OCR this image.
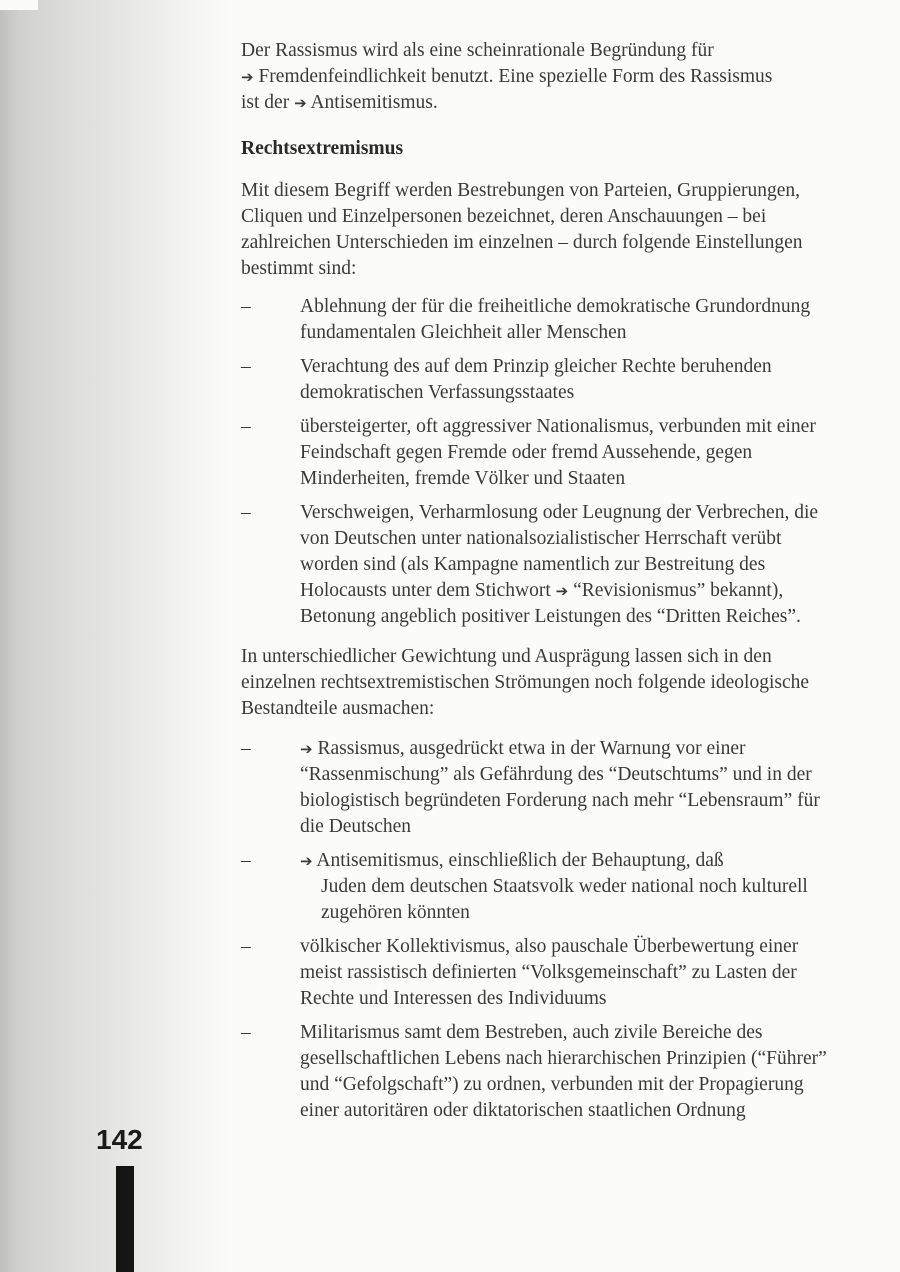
142

Der Rassismus wird als eine scheinrationale Begründung für
➔ Fremdenfeindlichkeit benutzt. Eine spezielle Form des Rassismus
ist der ➔ Antisemitismus.

Rechtsextremismus

Mit diesem Begriff werden Bestrebungen von Parteien, Gruppierungen, Cliquen und Einzelpersonen bezeichnet, deren Anschauungen – bei zahlreichen Unterschieden im einzelnen – durch folgende Einstellungen bestimmt sind:

–	Ablehnung der für die freiheitliche demokratische Grundordnung fundamentalen Gleichheit aller Menschen
–	Verachtung des auf dem Prinzip gleicher Rechte beruhenden demokratischen Verfassungsstaates
–	übersteigerter, oft aggressiver Nationalismus, verbunden mit einer Feindschaft gegen Fremde oder fremd Aussehende, gegen Minderheiten, fremde Völker und Staaten
–	Verschweigen, Verharmlosung oder Leugnung der Verbrechen, die von Deutschen unter nationalsozialistischer Herrschaft verübt worden sind (als Kampagne namentlich zur Bestreitung des Holocausts unter dem Stichwort ➔ “Revisionismus” bekannt), Betonung angeblich positiver Leistungen des “Dritten Reiches”.

In unterschiedlicher Gewichtung und Ausprägung lassen sich in den einzelnen rechtsextremistischen Strömungen noch folgende ideologische Bestandteile ausmachen:

–	➔ Rassismus, ausgedrückt etwa in der Warnung vor einer “Rassenmischung” als Gefährdung des “Deutschtums” und in der biologistisch begründeten Forderung nach mehr “Lebensraum” für die Deutschen
–	➔ Antisemitismus, einschließlich der Behauptung, daß
Juden dem deutschen Staatsvolk weder national noch kulturell zugehören könnten
–	völkischer Kollektivismus, also pauschale Überbewertung einer meist rassistisch definierten “Volksgemeinschaft” zu Lasten der Rechte und Interessen des Individuums
–	Militarismus samt dem Bestreben, auch zivile Bereiche des gesellschaftlichen Lebens nach hierarchischen Prinzipien (“Führer” und “Gefolgschaft”) zu ordnen, verbunden mit der Propagierung einer autoritären oder diktatorischen staatlichen Ordnung
